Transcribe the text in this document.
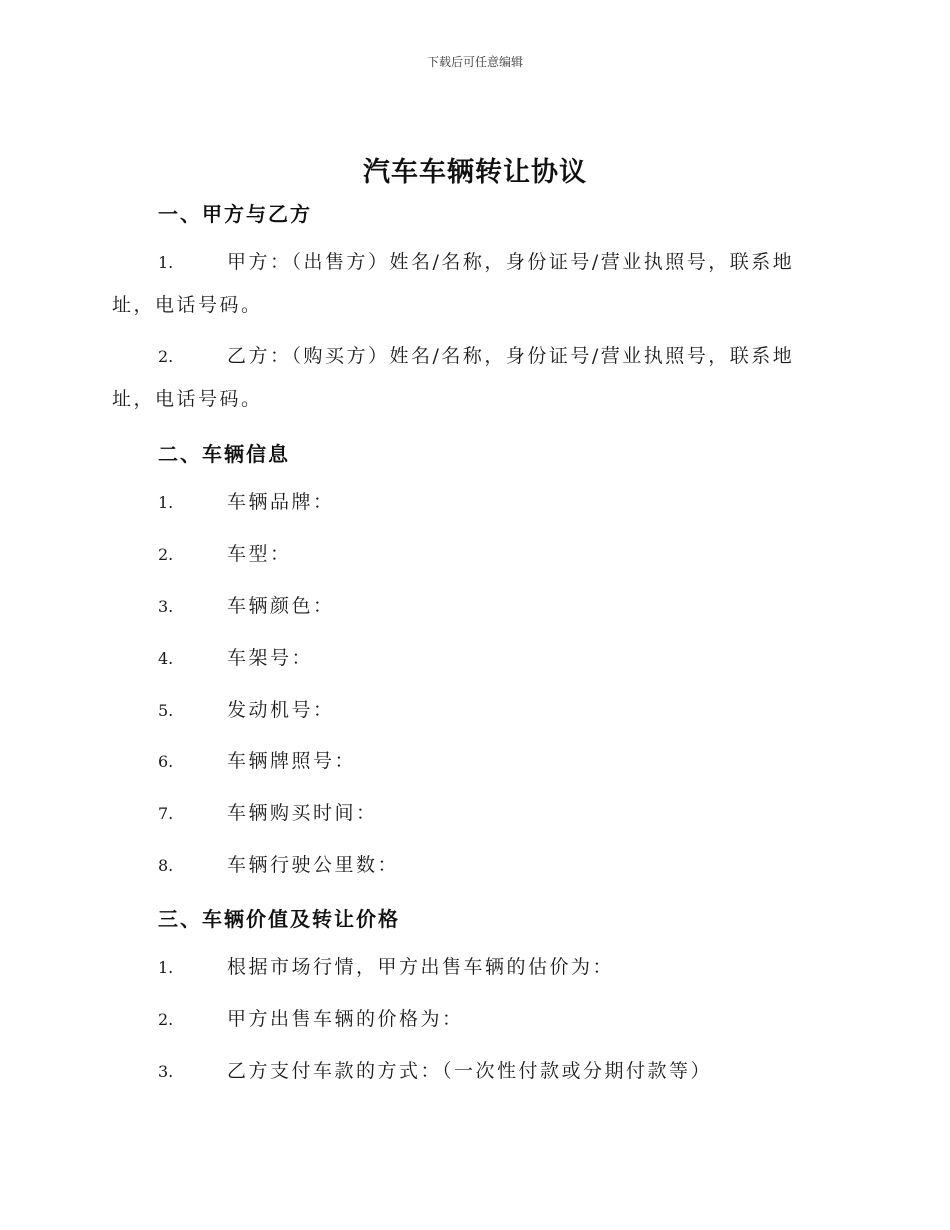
下载后可任意编辑
汽车车辆转让协议
一、甲方与乙方
1.	甲方：（出售方）姓名/名称，身份证号/营业执照号，联系地址，电话号码。
2.	乙方：（购买方）姓名/名称，身份证号/营业执照号，联系地址，电话号码。
二、车辆信息
1.	车辆品牌：
2.	车型：
3.	车辆颜色：
4.	车架号：
5.	发动机号：
6.	车辆牌照号：
7.	车辆购买时间：
8.	车辆行驶公里数：
三、车辆价值及转让价格
1.	根据市场行情，甲方出售车辆的估价为：
2.	甲方出售车辆的价格为：
3.	乙方支付车款的方式：（一次性付款或分期付款等）
